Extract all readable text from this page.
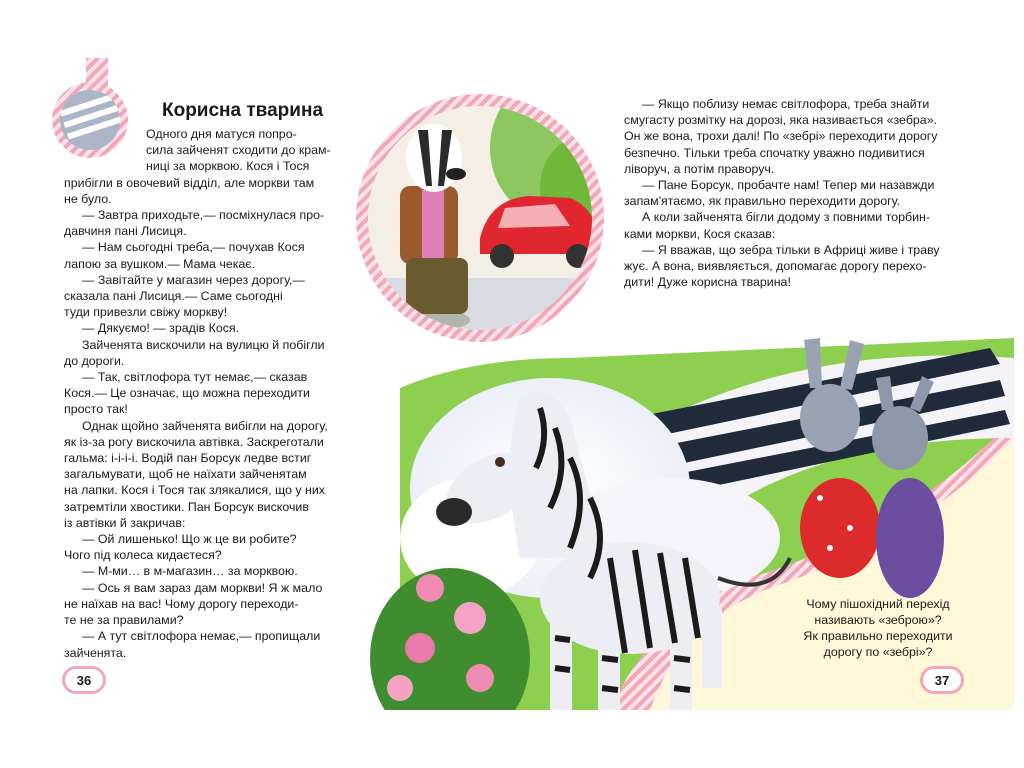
Корисна тварина

Одного дня матуся попро-

сила зайченят сходити до крам-

ниці за морквою. Кося і Тося

прибігли в овочевий відділ, але моркви там

не було.

— Завтра приходьте,— посміхнулася про-

давчиня пані Лисиця.

— Нам сьогодні треба,— почухав Кося

лапою за вушком.— Мама чекає.

— Завітайте у магазин через дорогу,—

сказала пані Лисиця.— Саме сьогодні

туди привезли свіжу моркву!

— Дякуємо! — зрадів Кося.

Зайченята вискочили на вулицю й побігли

до дороги.

— Так, світлофора тут немає,— сказав

Кося.— Це означає, що можна переходити

просто так!

Однак щойно зайченята вибігли на дорогу,

як із-за рогу вискочила автівка. Заскреготали

гальма: і-і-і-і. Водій пан Борсук ледве встиг

загальмувати, щоб не наїхати зайченятам

на лапки. Кося і Тося так злякалися, що у них

затремтіли хвостики. Пан Борсук вискочив

із автівки й закричав:

— Ой лишенько! Що ж це ви робите?

Чого під колеса кидаєтеся?

— М-ми… в м-магазин… за морквою.

— Ось я вам зараз дам моркви! Я ж мало

не наїхав на вас! Чому дорогу переходи-

те не за правилами?

— А тут світлофора немає,— пропищали

зайченята.

— Якщо поблизу немає світлофора, треба знайти

смугасту розмітку на дорозі, яка називається «зебра».

Он же вона, трохи далі! По «зебрі» переходити дорогу

безпечно. Тільки треба спочатку уважно подивитися

ліворуч, а потім праворуч.

— Пане Борсук, пробачте нам! Тепер ми назавжди

запам'ятаємо, як правильно переходити дорогу.

А коли зайченята бігли додому з повними торбин-

ками моркви, Кося сказав:

— Я вважав, що зебра тільки в Африці живе і траву

жує. А вона, виявляється, допомагає дорогу перехо-

дити! Дуже корисна тварина!

Чому пішохідний перехід
називають «зеброю»?
Як правильно переходити
дорогу по «зебрі»?
36	37
